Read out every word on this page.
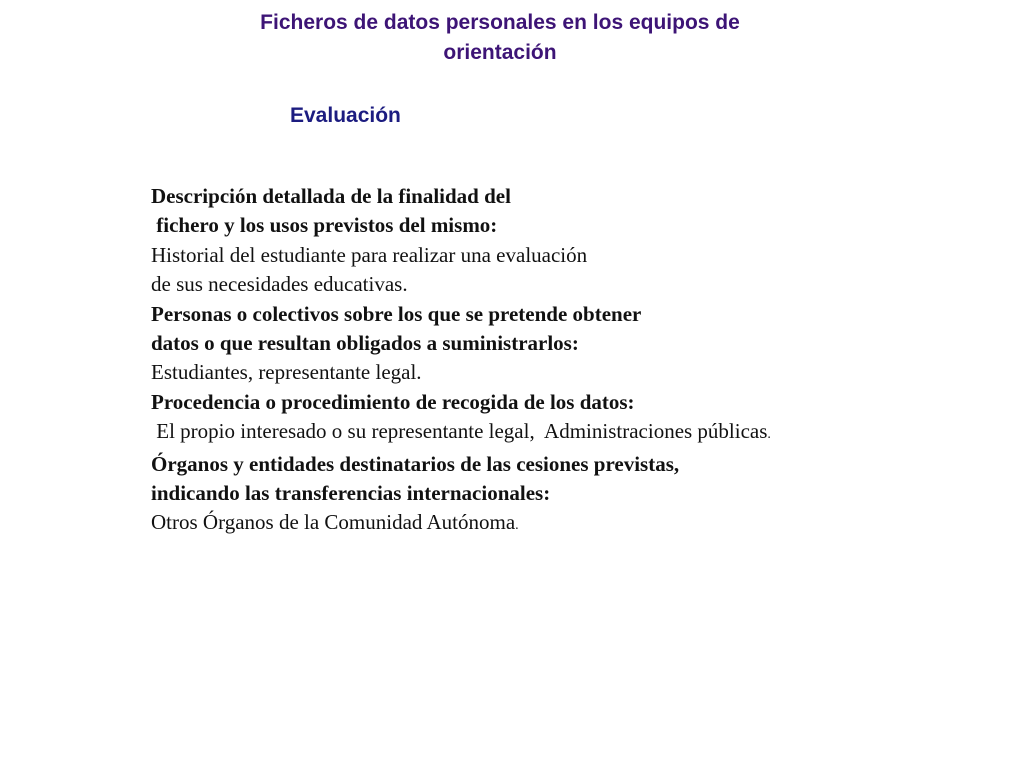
Ficheros de datos personales en los equipos de
orientación
Evaluación
Descripción detallada de la finalidad del
fichero y los usos previstos del mismo:
Historial del estudiante para realizar una evaluación
de sus necesidades educativas.
Personas o colectivos sobre los que se pretende obtener
datos o que resultan obligados a suministrarlos:
Estudiantes, representante legal.
Procedencia o procedimiento de recogida de los datos:
El propio interesado o su representante legal,  Administraciones públicas.
Órganos y entidades destinatarios de las cesiones previstas,
indicando las transferencias internacionales:
Otros Órganos de la Comunidad Autónoma.
